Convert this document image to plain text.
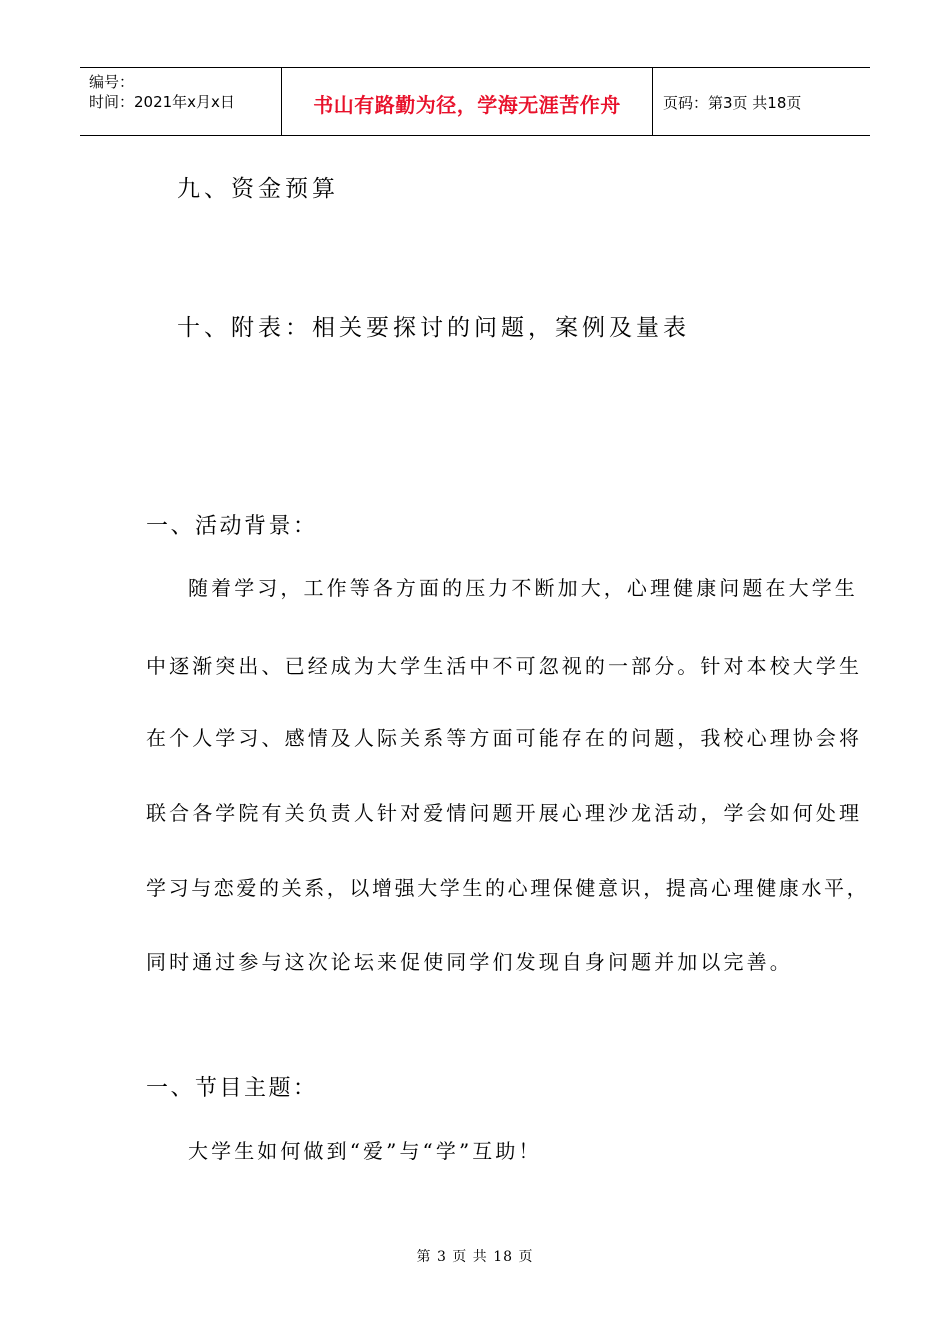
编号：
时间：2021年x月x日	书山有路勤为径，学海无涯苦作舟	页码：第3页 共18页
九、资金预算
十、附表：相关要探讨的问题，案例及量表
一、活动背景：
随着学习，工作等各方面的压力不断加大，心理健康问题在大学生
中逐渐突出、已经成为大学生活中不可忽视的一部分。针对本校大学生
在个人学习、感情及人际关系等方面可能存在的问题，我校心理协会将
联合各学院有关负责人针对爱情问题开展心理沙龙活动，学会如何处理
学习与恋爱的关系，以增强大学生的心理保健意识，提高心理健康水平，
同时通过参与这次论坛来促使同学们发现自身问题并加以完善。
一、节目主题：
大学生如何做到“爱”与“学”互助！
第 3 页 共 18 页
